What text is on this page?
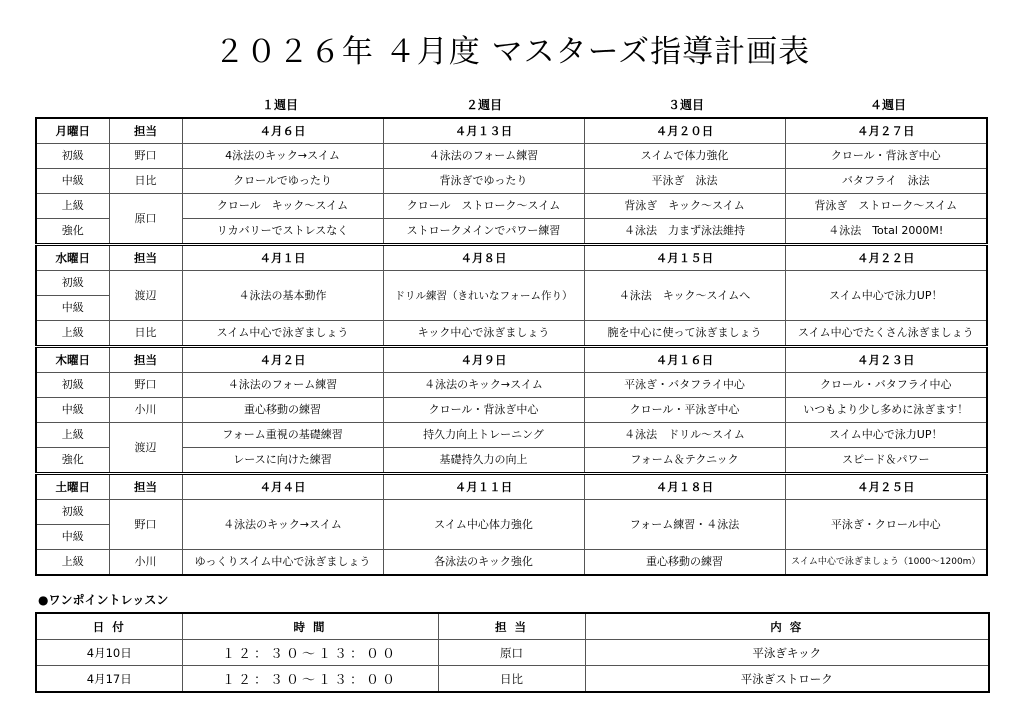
２０２６年 ４月度 マスターズ指導計画表
１週目	２週目	３週目	４週目
月曜日	担当	４月６日	４月１３日	４月２０日	４月２７日
初級	野口	4泳法のキック→スイム	４泳法のフォーム練習	スイムで体力強化	クロール・背泳ぎ中心
中級	日比	クロールでゆったり	背泳ぎでゆったり	平泳ぎ　泳法	バタフライ　泳法
上級	原口	クロール　キック～スイム	クロール　ストローク～スイム	背泳ぎ　キック～スイム	背泳ぎ　ストローク～スイム
強化		リカバリーでストレスなく	ストロークメインでパワー練習	４泳法　力まず泳法維持	４泳法　Total 2000M!
水曜日	担当	４月１日	４月８日	４月１５日	４月２２日
初級	渡辺	４泳法の基本動作	ドリル練習（きれいなフォーム作り）	４泳法　キック～スイムへ	スイム中心で泳力UP！
中級					
上級	日比	スイム中心で泳ぎましょう	キック中心で泳ぎましょう	腕を中心に使って泳ぎましょう	スイム中心でたくさん泳ぎましょう
木曜日	担当	４月２日	４月９日	４月１６日	４月２３日
初級	野口	４泳法のフォーム練習	４泳法のキック→スイム	平泳ぎ・バタフライ中心	クロール・バタフライ中心
中級	小川	重心移動の練習	クロール・背泳ぎ中心	クロール・平泳ぎ中心	いつもより少し多めに泳ぎます！
上級	渡辺	フォーム重視の基礎練習	持久力向上トレーニング	４泳法　ドリル～スイム	スイム中心で泳力UP！
強化		レースに向けた練習	基礎持久力の向上	フォーム＆テクニック	スピード＆パワー
土曜日	担当	４月４日	４月１１日	４月１８日	４月２５日
初級	野口	４泳法のキック→スイム	スイム中心体力強化	フォーム練習・４泳法	平泳ぎ・クロール中心
中級					
上級	小川	ゆっくりスイム中心で泳ぎましょう	各泳法のキック強化	重心移動の練習	スイム中心で泳ぎましょう（1000～1200m）
●ワンポイントレッスン
日 付	時 間	担 当	内 容
4月10日	１２：３０～１３：００	原口	平泳ぎキック
4月17日	１２：３０～１３：００	日比	平泳ぎストローク
